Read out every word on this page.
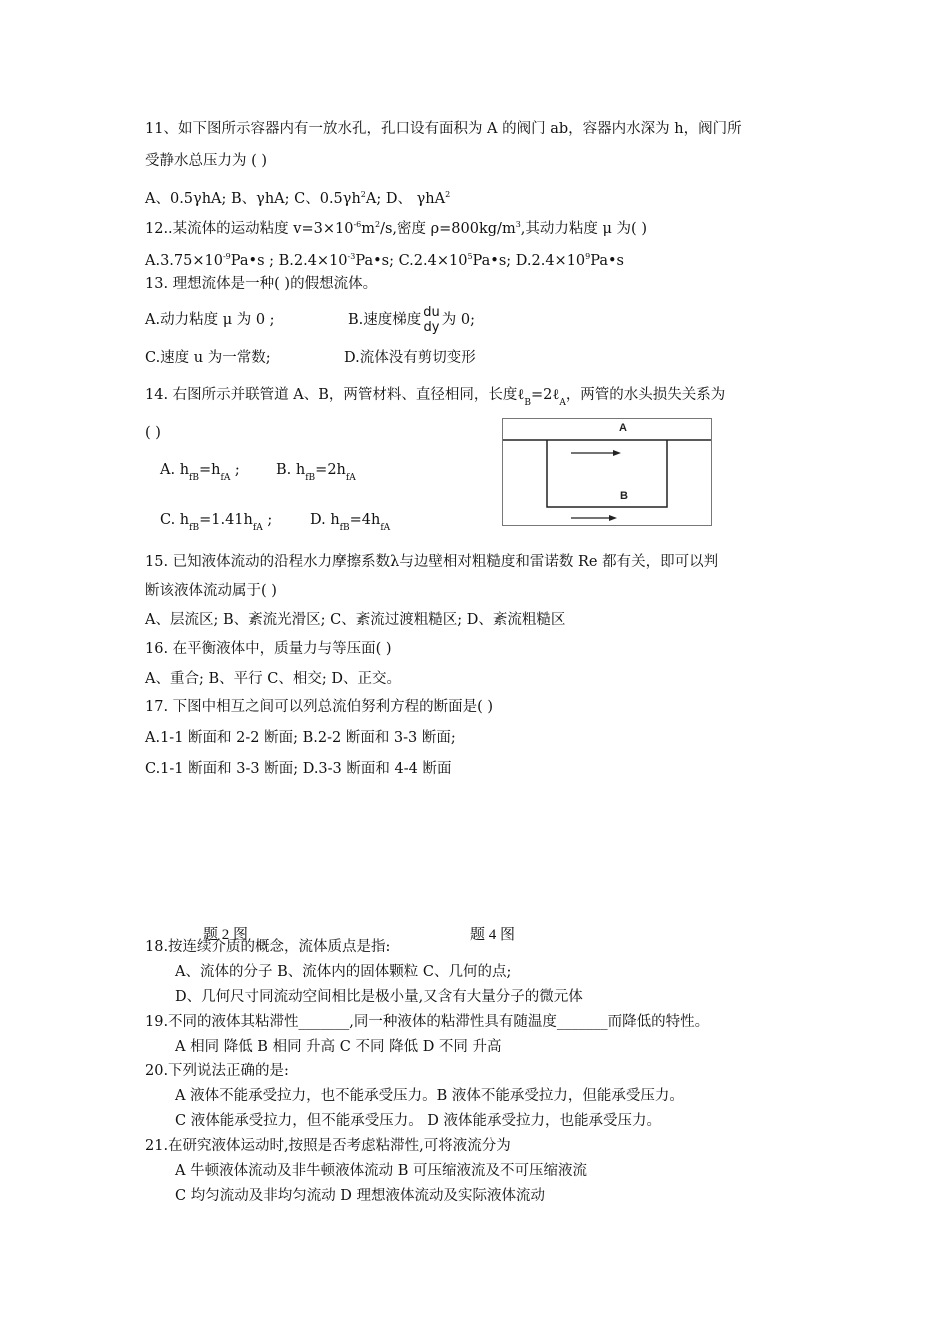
11、如下图所示容器内有一放水孔，孔口设有面积为 A 的阀门 ab，容器内水深为 h，阀门所
受静水总压力为 ( )
A、0.5γhA; B、γhA; C、$0.5\gamma h^2A$; D、 γhA$^2$
12..某流体的运动粘度 $v=3\times 10^{-6}m^2/s$,密度 $\rho=800kg/m^3$,其动力粘度 μ 为( )
$A.3.75\times 10^{-9}Pa•s$ ; $B.2.4\times 10^{-3}Pa•s$; $C.2.4\times 10^5Pa•s$; $D.2.4\times 10^9Pa•s$
13. 理想流体是一种( )的假想流体。
A.动力粘度 μ 为 0 ;	B.速度梯度 du
dy 为 0;
C.速度 u 为一常数;	D.流体没有剪切变形
14. 右图所示并联管道 A、B，两管材料、直径相同，长度ℓ$_B$=2ℓ$_A$，两管的水头损失关系为
( )
A. $h_{fB}=h_{fA}$ ; B. $h_{fB}=2h_{fA}$
C. $h_{fB}=1.41h_{fA}$ ;	D. $h_{fB}=4h_{fA}$
A
B
15. 已知液体流动的沿程水力摩擦系数λ与边壁相对粗糙度和雷诺数 Re 都有关，即可以判
断该液体流动属于( )
A、层流区; B、紊流光滑区; C、紊流过渡粗糙区; D、紊流粗糙区
16. 在平衡液体中，质量力与等压面( )
A、重合; B、平行 C、相交; D、正交。
17. 下图中相互之间可以列总流伯努利方程的断面是( )
A.1-1 断面和 2-2 断面; B.2-2 断面和 3-3 断面;
C.1-1 断面和 3-3 断面; D.3-3 断面和 4-4 断面
题 2 图	题 4 图
18.按连续介质的概念，流体质点是指:
A、流体的分子 B、流体内的固体颗粒 C、几何的点;
D、几何尺寸同流动空间相比是极小量,又含有大量分子的微元体
19.不同的液体其粘滞性_______,同一种液体的粘滞性具有随温度_______而降低的特性。
A 相同 降低 B 相同 升高 C 不同 降低 D 不同 升高
20.下列说法正确的是:
A 液体不能承受拉力，也不能承受压力。B 液体不能承受拉力，但能承受压力。
C 液体能承受拉力，但不能承受压力。 D 液体能承受拉力，也能承受压力。
21.在研究液体运动时,按照是否考虑粘滞性,可将液流分为
A 牛顿液体流动及非牛顿液体流动 B 可压缩液流及不可压缩液流
C 均匀流动及非均匀流动 D 理想液体流动及实际液体流动
